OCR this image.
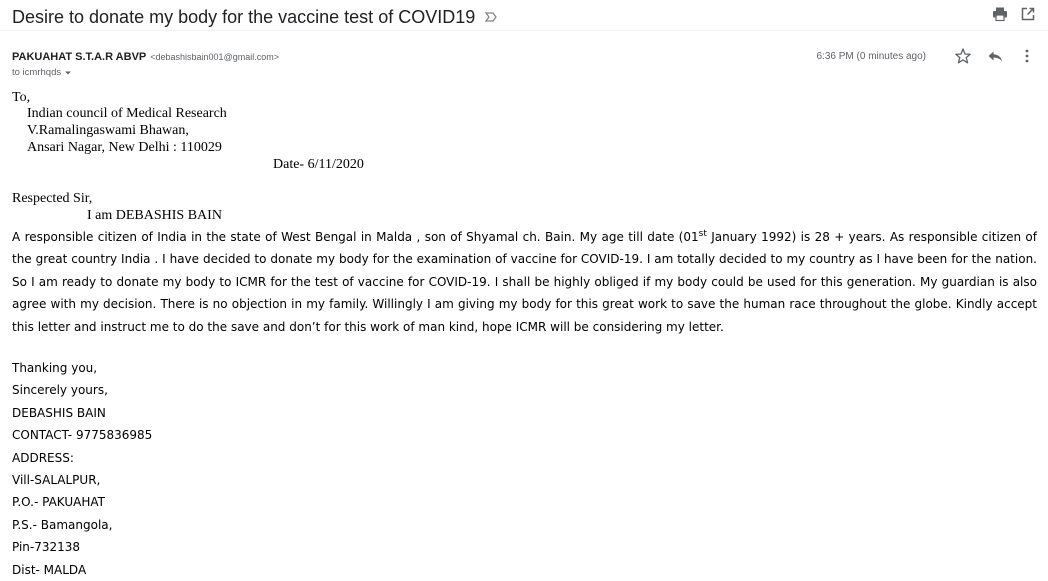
Desire to donate my body for the vaccine test of COVID19
PAKUAHAT S.T.A.R ABVP <debashisbain001@gmail.com>
to icmrhqds
6:36 PM (0 minutes ago)
To,
Indian council of Medical Research
V.Ramalingaswami Bhawan,
Ansari Nagar, New Delhi : 110029
Date- 6/11/2020
Respected Sir,
I am DEBASHIS BAIN
A responsible citizen of India in the state of West Bengal in Malda , son of Shyamal ch. Bain. My age till date (01st January 1992) is 28 + years. As responsible citizen of the great country India . I have decided to donate my body for the examination of vaccine for COVID-19. I am totally decided to my country as I have been for the nation. So I am ready to donate my body to ICMR for the test of vaccine for COVID-19. I shall be highly obliged if my body could be used for this generation. My guardian is also agree with my decision. There is no objection in my family. Willingly I am giving my body for this great work to save the human race throughout the globe. Kindly accept this letter and instruct me to do the save and don’t for this work of man kind, hope ICMR will be considering my letter.
Thanking you,
Sincerely yours,
DEBASHIS BAIN
CONTACT- 9775836985
ADDRESS:
Vill-SALALPUR,
P.O.- PAKUAHAT
P.S.- Bamangola,
Pin-732138
Dist- MALDA
